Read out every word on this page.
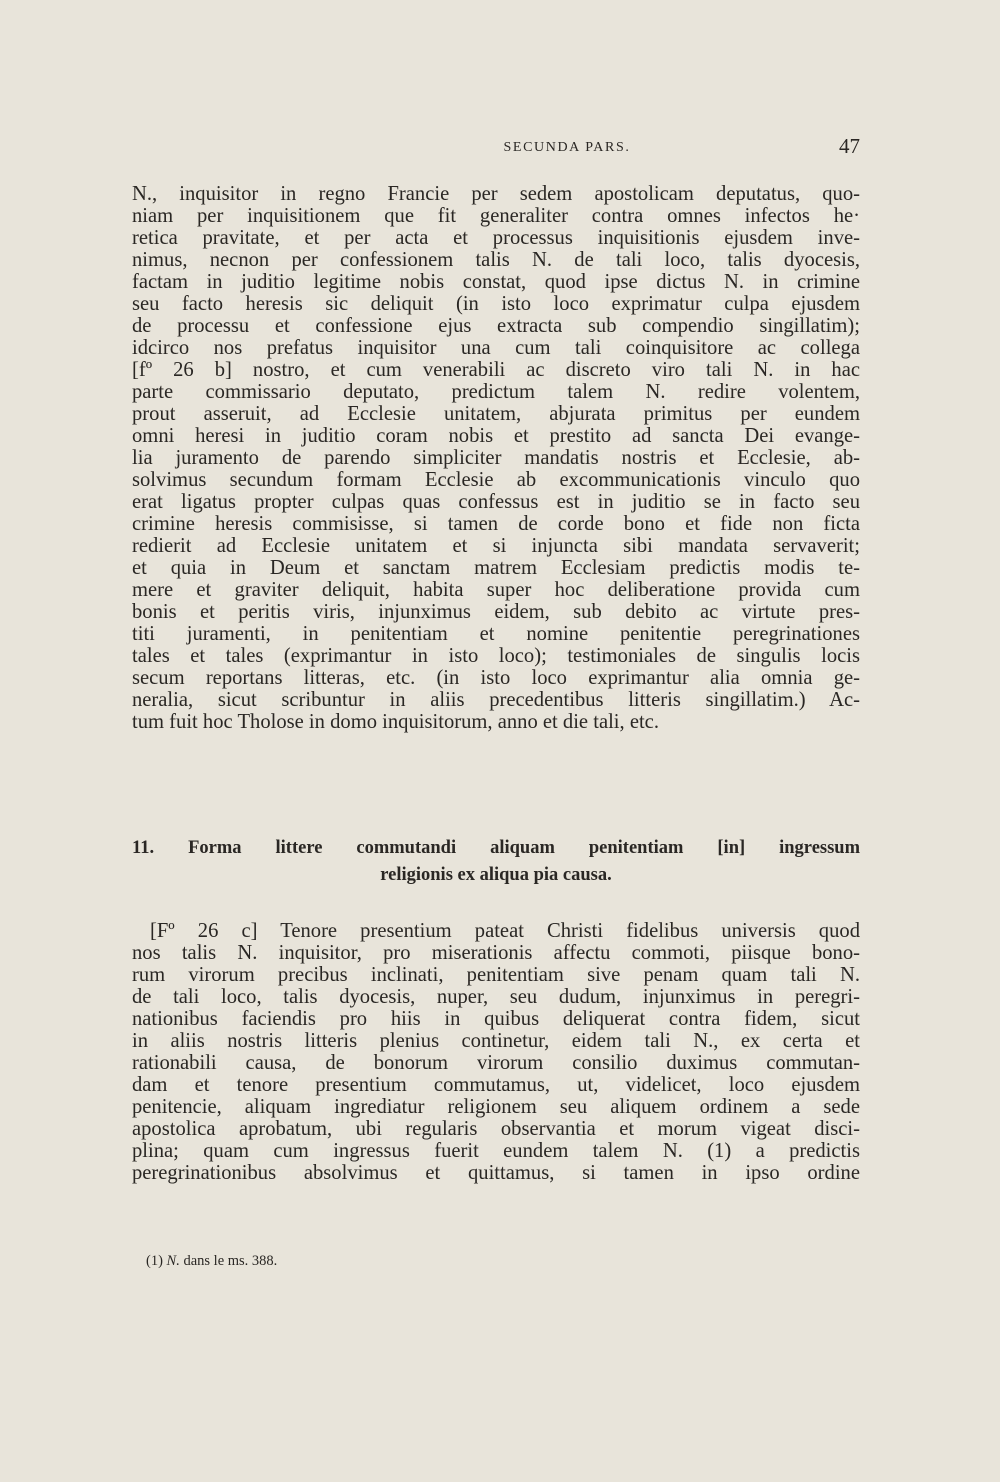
SECUNDA PARS.	47
N., inquisitor in regno Francie per sedem apostolicam deputatus, quo-
niam per inquisitionem que fit generaliter contra omnes infectos he·
retica pravitate, et per acta et processus inquisitionis ejusdem inve-
nimus, necnon per confessionem talis N. de tali loco, talis dyocesis,
factam in juditio legitime nobis constat, quod ipse dictus N. in crimine
seu facto heresis sic deliquit (in isto loco exprimatur culpa ejusdem
de processu et confessione ejus extracta sub compendio singillatim);
idcirco nos prefatus inquisitor una cum tali coinquisitore ac collega
[fº 26 b] nostro, et cum venerabili ac discreto viro tali N. in hac
parte commissario deputato, predictum talem N. redire volentem,
prout asseruit, ad Ecclesie unitatem, abjurata primitus per eundem
omni heresi in juditio coram nobis et prestito ad sancta Dei evange-
lia juramento de parendo simpliciter mandatis nostris et Ecclesie, ab-
solvimus secundum formam Ecclesie ab excommunicationis vinculo quo
erat ligatus propter culpas quas confessus est in juditio se in facto seu
crimine heresis commisisse, si tamen de corde bono et fide non ficta
redierit ad Ecclesie unitatem et si injuncta sibi mandata servaverit;
et quia in Deum et sanctam matrem Ecclesiam predictis modis te-
mere et graviter deliquit, habita super hoc deliberatione provida cum
bonis et peritis viris, injunximus eidem, sub debito ac virtute pres-
titi juramenti, in penitentiam et nomine penitentie peregrinationes
tales et tales (exprimantur in isto loco); testimoniales de singulis locis
secum reportans litteras, etc. (in isto loco exprimantur alia omnia ge-
neralia, sicut scribuntur in aliis precedentibus litteris singillatim.) Ac-
tum fuit hoc Tholose in domo inquisitorum, anno et die tali, etc.
11. Forma littere commutandi aliquam penitentiam [in] ingressum
religionis ex aliqua pia causa.
[Fº 26 c] Tenore presentium pateat Christi fidelibus universis quod
nos talis N. inquisitor, pro miserationis affectu commoti, piisque bono-
rum virorum precibus inclinati, penitentiam sive penam quam tali N.
de tali loco, talis dyocesis, nuper, seu dudum, injunximus in peregri-
nationibus faciendis pro hiis in quibus deliquerat contra fidem, sicut
in aliis nostris litteris plenius continetur, eidem tali N., ex certa et
rationabili causa, de bonorum virorum consilio duximus commutan-
dam et tenore presentium commutamus, ut, videlicet, loco ejusdem
penitencie, aliquam ingrediatur religionem seu aliquem ordinem a sede
apostolica aprobatum, ubi regularis observantia et morum vigeat disci-
plina; quam cum ingressus fuerit eundem talem N. (1) a predictis
peregrinationibus absolvimus et quittamus, si tamen in ipso ordine
(1) N. dans le ms. 388.
